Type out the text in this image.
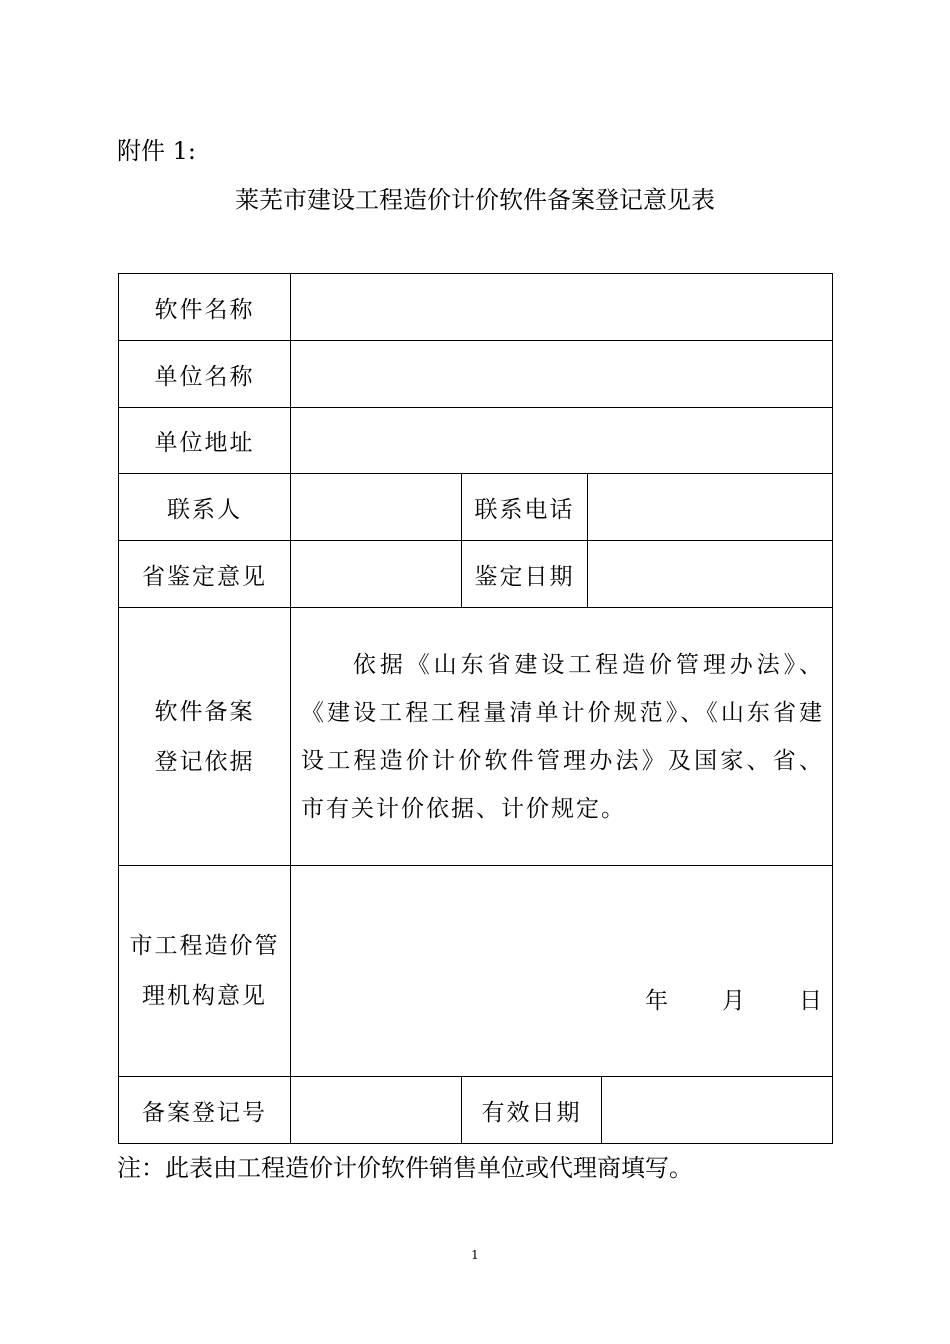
附件 1:
莱芜市建设工程造价计价软件备案登记意见表
软件名称				
单位名称				
单位地址				
联系人		联系电话		
省鉴定意见		鉴定日期		

软件备案
登记依据	依据《山东省建设工程造价管理办法》、《建设工程工程量清单计价规范》、《山东省建设工程造价计价软件管理办法》及国家、省、市有关计价依据、计价规定。			

市工程造价管
理机构意见	年 月 日			

备案登记号		有效日期		
注：此表由工程造价计价软件销售单位或代理商填写。
1
